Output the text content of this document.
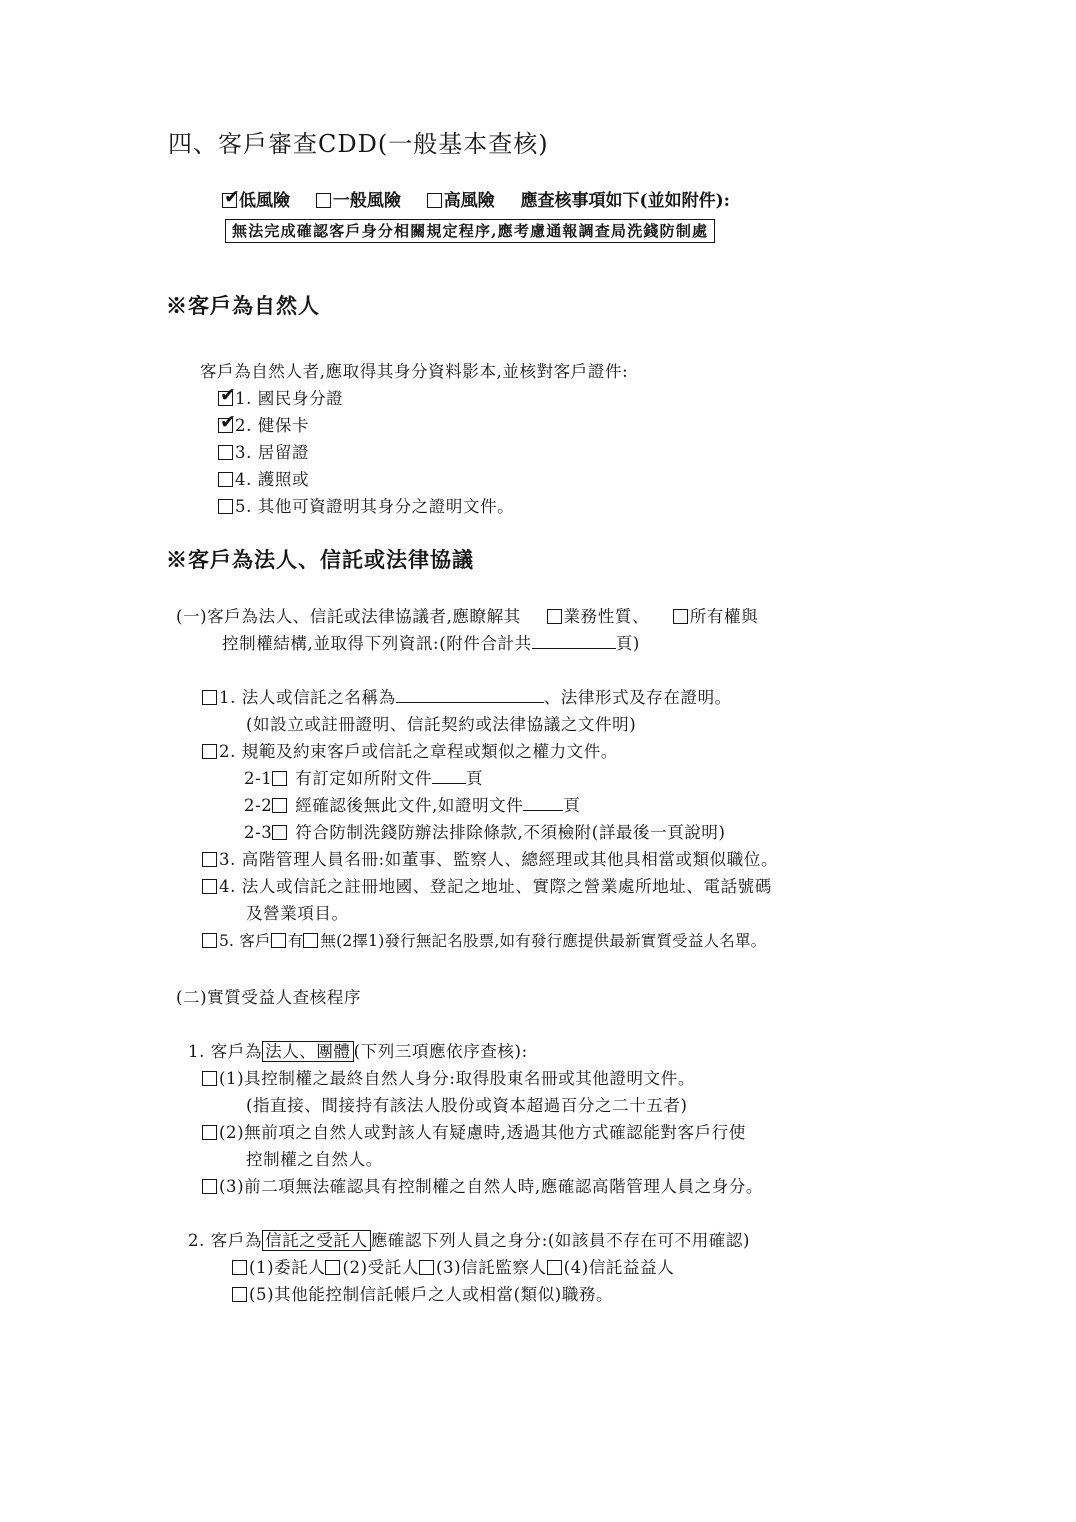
四、客戶審查CDD(一般基本查核)
✔低風險	一般風險	高風險 應查核事項如下(並如附件):
無法完成確認客戶身分相關規定程序,應考慮通報調查局洗錢防制處
※客戶為自然人
客戶為自然人者,應取得其身分資料影本,並核對客戶證件:
✔1. 國民身分證
✔2. 健保卡
3. 居留證
4. 護照或
5. 其他可資證明其身分之證明文件。
※客戶為法人、信託或法律協議
(一)客戶為法人、信託或法律協議者,應瞭解其	業務性質、 所有權與
控制權結構,並取得下列資訊:(附件合計共	頁)
1. 法人或信託之名稱為	、法律形式及存在證明。
(如設立或註冊證明、信託契約或法律協議之文件明)
2. 規範及約束客戶或信託之章程或類似之權力文件。
2-1 有訂定如所附文件 頁
2-2 經確認後無此文件,如證明文件 頁
2-3 符合防制洗錢防辦法排除條款,不須檢附(詳最後一頁說明)
3. 高階管理人員名冊:如董事、監察人、總經理或其他具相當或類似職位。
4. 法人或信託之註冊地國、登記之地址、實際之營業處所地址、電話號碼
及營業項目。
5. 客戶 有 無(2擇1)發行無記名股票,如有發行應提供最新實質受益人名單。
(二)實質受益人查核程序
1. 客戶為 法人、團體 (下列三項應依序查核):
(1)具控制權之最終自然人身分:取得股東名冊或其他證明文件。
(指直接、間接持有該法人股份或資本超過百分之二十五者)
(2)無前項之自然人或對該人有疑慮時,透過其他方式確認能對客戶行使
控制權之自然人。
(3)前二項無法確認具有控制權之自然人時,應確認高階管理人員之身分。
2. 客戶為 信託之受託人 應確認下列人員之身分:(如該員不存在可不用確認)
(1)委託人 (2)受託人 (3)信託監察人 (4)信託益益人
(5)其他能控制信託帳戶之人或相當(類似)職務。
